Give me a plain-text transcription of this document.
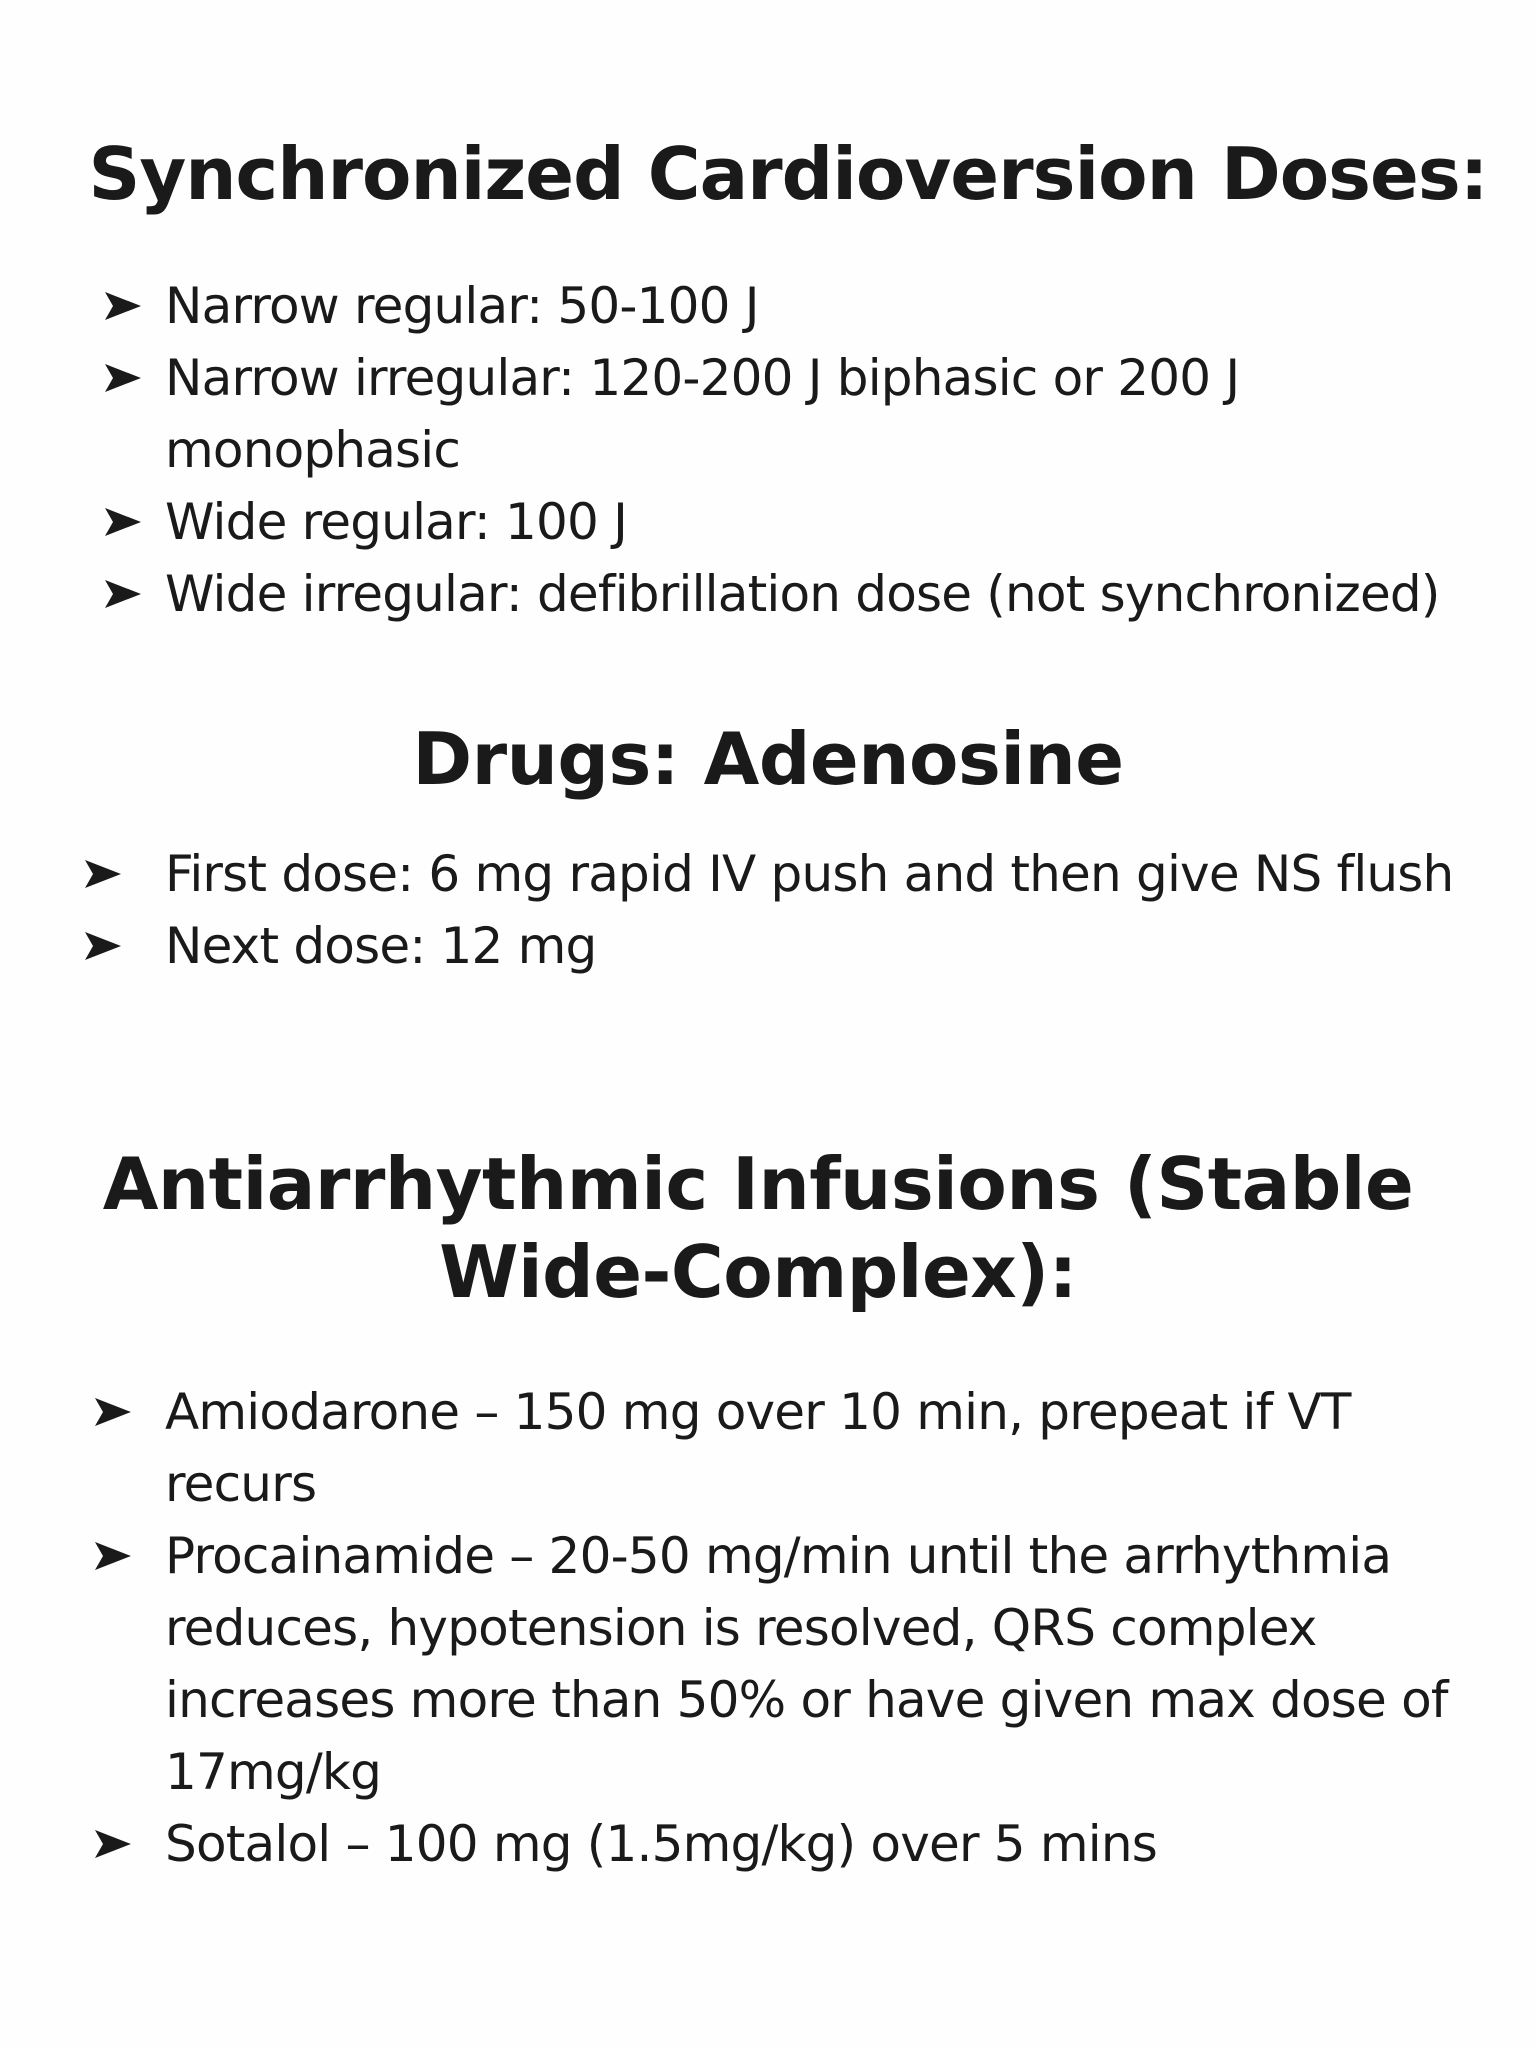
Synchronized Cardioversion Doses:
Narrow regular: 50-100 J
Narrow irregular: 120-200 J biphasic or 200 J monophasic
Wide regular: 100 J
Wide irregular: defibrillation dose (not synchronized)
Drugs: Adenosine
First dose: 6 mg rapid IV push and then give NS flush
Next dose: 12 mg
Antiarrhythmic Infusions (Stable Wide-Complex):
Amiodarone – 150 mg over 10 min, prepeat if VT recurs
Procainamide – 20-50 mg/min until the arrhythmia reduces, hypotension is resolved, QRS complex increases more than 50% or have given max dose of 17mg/kg
Sotalol – 100 mg (1.5mg/kg) over 5 mins
